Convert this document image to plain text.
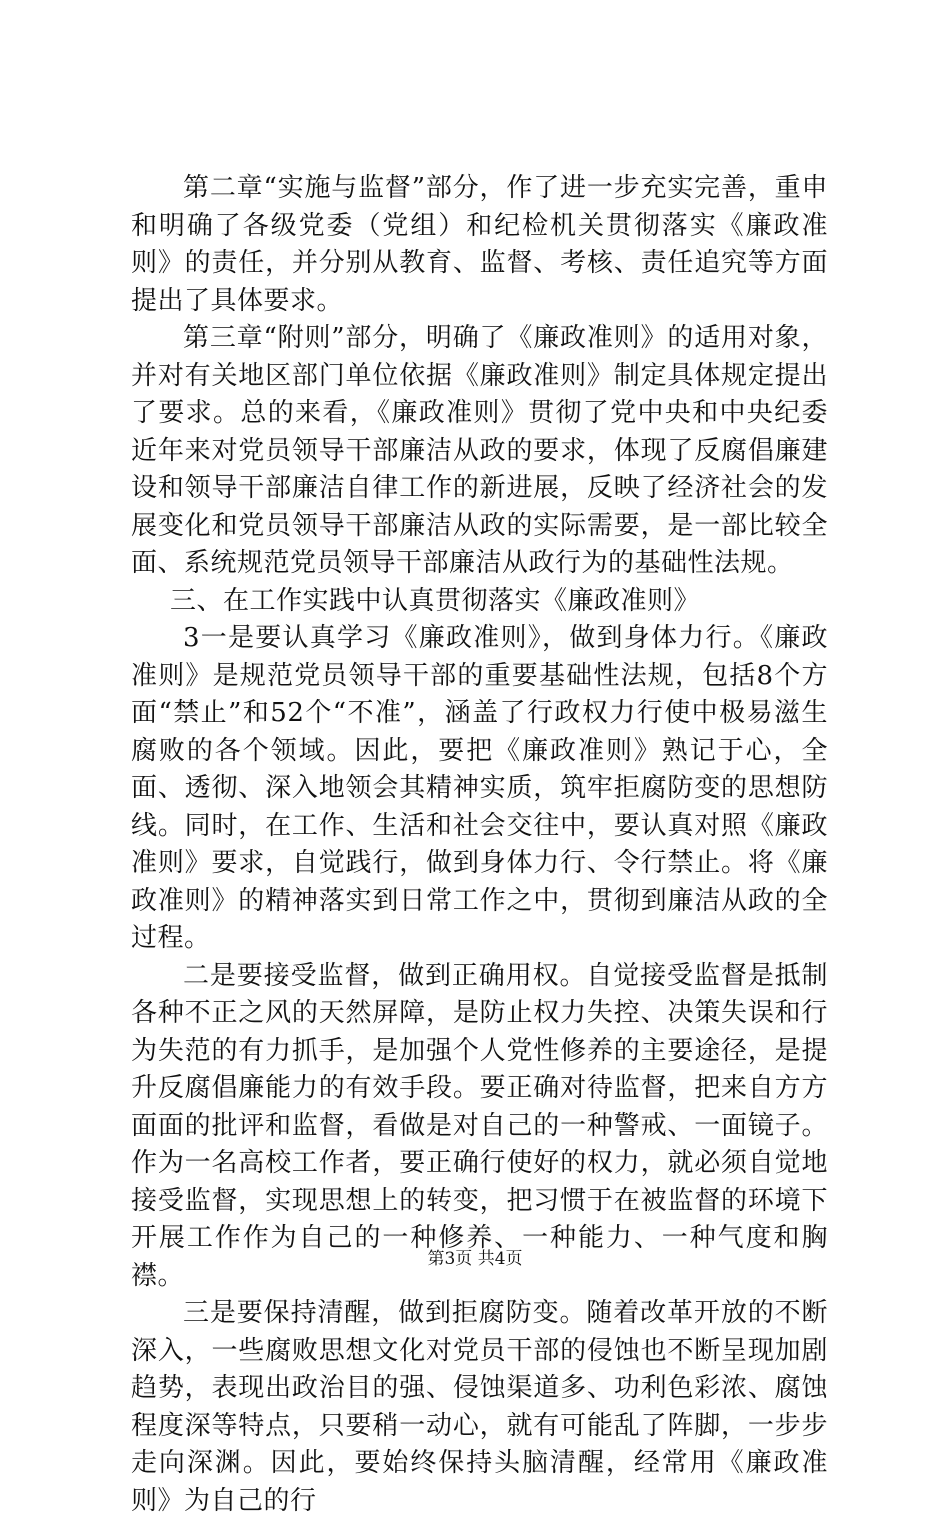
第二章“实施与监督”部分，作了进一步充实完善，重申和明确了各级党委（党组）和纪检机关贯彻落实《廉政准则》的责任，并分别从教育、监督、考核、责任追究等方面提出了具体要求。

第三章“附则”部分，明确了《廉政准则》的适用对象，并对有关地区部门单位依据《廉政准则》制定具体规定提出了要求。总的来看，《廉政准则》贯彻了党中央和中央纪委近年来对党员领导干部廉洁从政的要求，体现了反腐倡廉建设和领导干部廉洁自律工作的新进展，反映了经济社会的发展变化和党员领导干部廉洁从政的实际需要，是一部比较全面、系统规范党员领导干部廉洁从政行为的基础性法规。

三、在工作实践中认真贯彻落实《廉政准则》

3一是要认真学习《廉政准则》，做到身体力行。《廉政准则》是规范党员领导干部的重要基础性法规，包括8个方面“禁止”和52个“不准”，涵盖了行政权力行使中极易滋生腐败的各个领域。因此，要把《廉政准则》熟记于心，全面、透彻、深入地领会其精神实质，筑牢拒腐防变的思想防线。同时，在工作、生活和社会交往中，要认真对照《廉政准则》要求，自觉践行，做到身体力行、令行禁止。将《廉政准则》的精神落实到日常工作之中，贯彻到廉洁从政的全过程。

二是要接受监督，做到正确用权。自觉接受监督是抵制各种不正之风的天然屏障，是防止权力失控、决策失误和行为失范的有力抓手，是加强个人党性修养的主要途径，是提升反腐倡廉能力的有效手段。要正确对待监督，把来自方方面面的批评和监督，看做是对自己的一种警戒、一面镜子。作为一名高校工作者，要正确行使好的权力，就必须自觉地接受监督，实现思想上的转变，把习惯于在被监督的环境下开展工作作为自己的一种修养、一种能力、一种气度和胸襟。

三是要保持清醒，做到拒腐防变。随着改革开放的不断深入，一些腐败思想文化对党员干部的侵蚀也不断呈现加剧趋势，表现出政治目的强、侵蚀渠道多、功利色彩浓、腐蚀程度深等特点，只要稍一动心，就有可能乱了阵脚，一步步走向深渊。因此，要始终保持头脑清醒，经常用《廉政准则》为自己的行

第3页 共4页
